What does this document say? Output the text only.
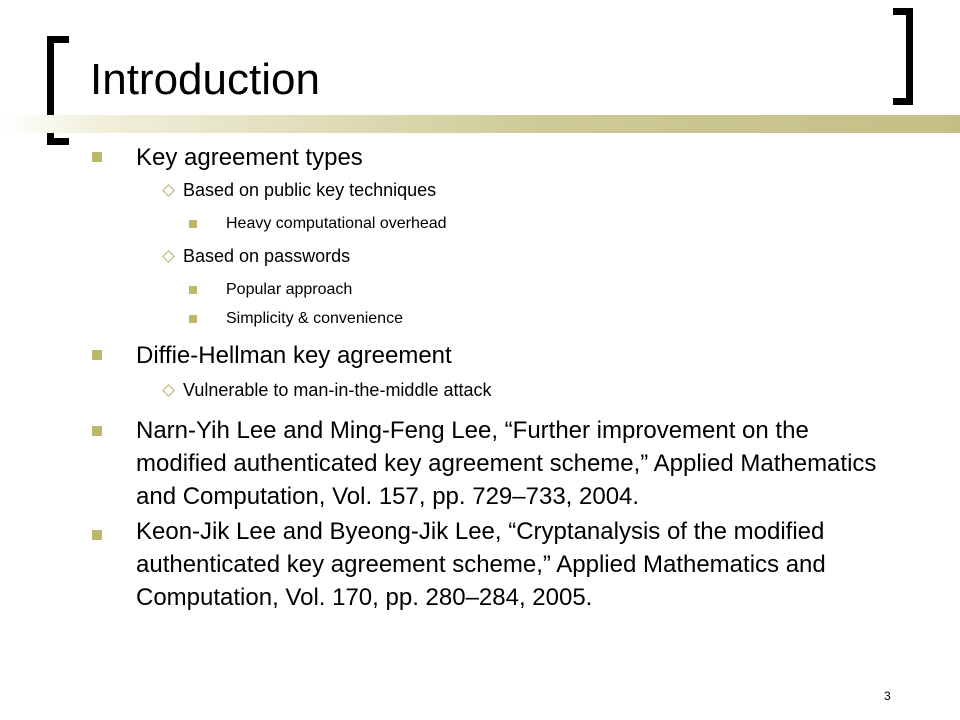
Introduction
Key agreement types
Based on public key techniques
Heavy computational overhead
Based on passwords
Popular approach
Simplicity & convenience
Diffie-Hellman key agreement
Vulnerable to man-in-the-middle attack
Narn-Yih Lee and Ming-Feng Lee, “Further improvement on the modified authenticated key agreement scheme,” Applied Mathematics and Computation, Vol. 157, pp. 729–733, 2004.
Keon-Jik Lee and Byeong-Jik Lee, “Cryptanalysis of the modified authenticated key agreement scheme,” Applied Mathematics and Computation, Vol. 170, pp. 280–284, 2005.
3
